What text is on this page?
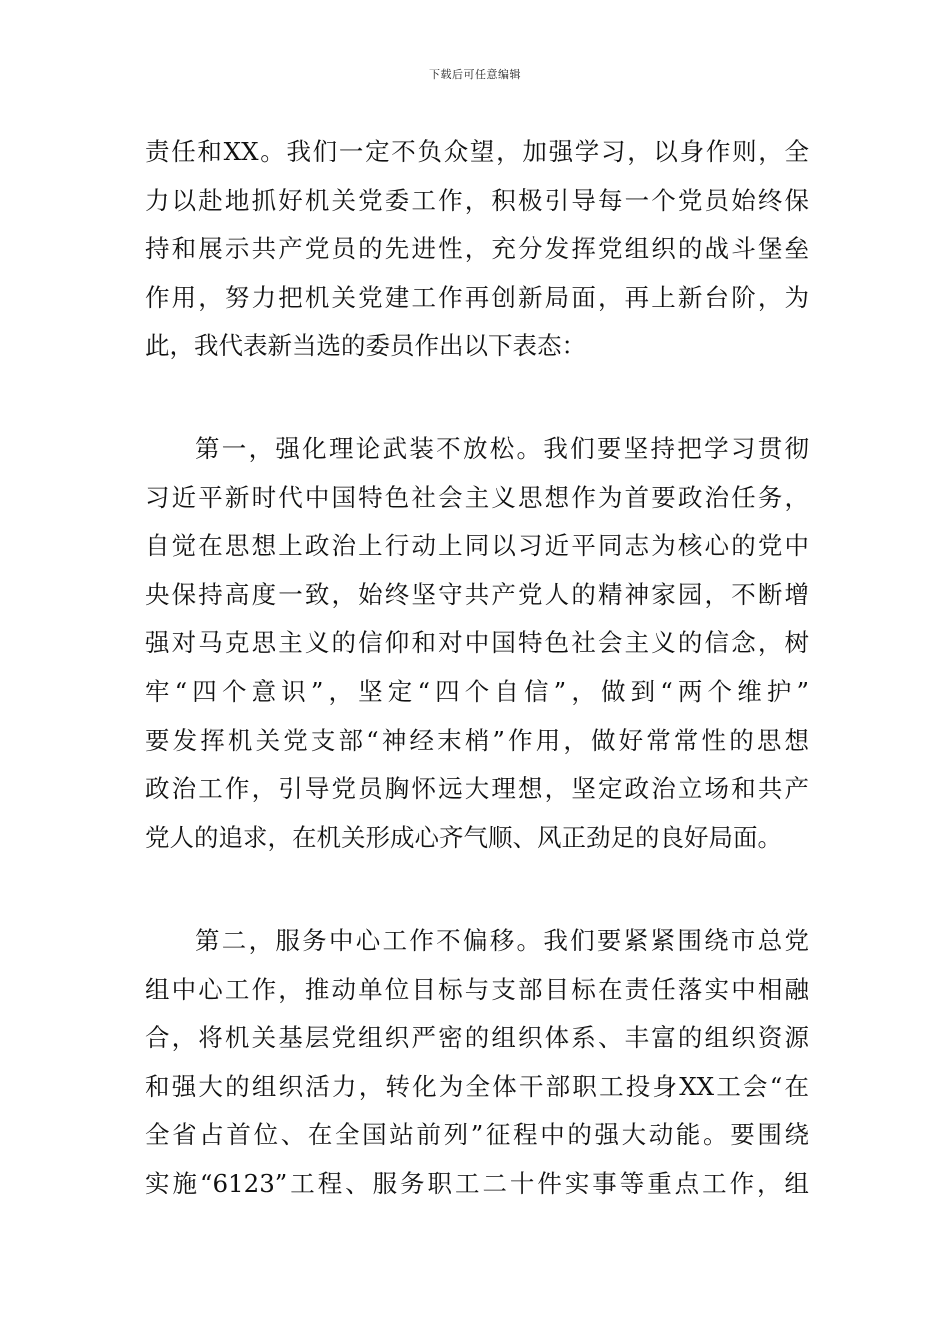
下载后可任意编辑
责任和XX。我们一定不负众望，加强学习，以身作则，全
力以赴地抓好机关党委工作，积极引导每一个党员始终保
持和展示共产党员的先进性，充分发挥党组织的战斗堡垒
作用，努力把机关党建工作再创新局面，再上新台阶，为
此，我代表新当选的委员作出以下表态：
第一，强化理论武装不放松。我们要坚持把学习贯彻
习近平新时代中国特色社会主义思想作为首要政治任务，
自觉在思想上政治上行动上同以习近平同志为核心的党中
央保持高度一致，始终坚守共产党人的精神家园，不断增
强对马克思主义的信仰和对中国特色社会主义的信念，树
牢“四个意识”，坚定“四个自信”，做到“两个维护”
要发挥机关党支部“神经末梢”作用，做好常常性的思想
政治工作，引导党员胸怀远大理想，坚定政治立场和共产
党人的追求，在机关形成心齐气顺、风正劲足的良好局面。
第二，服务中心工作不偏移。我们要紧紧围绕市总党
组中心工作，推动单位目标与支部目标在责任落实中相融
合，将机关基层党组织严密的组织体系、丰富的组织资源
和强大的组织活力，转化为全体干部职工投身XX工会“在
全省占首位、在全国站前列”征程中的强大动能。要围绕
实施“6123”工程、服务职工二十件实事等重点工作，组
